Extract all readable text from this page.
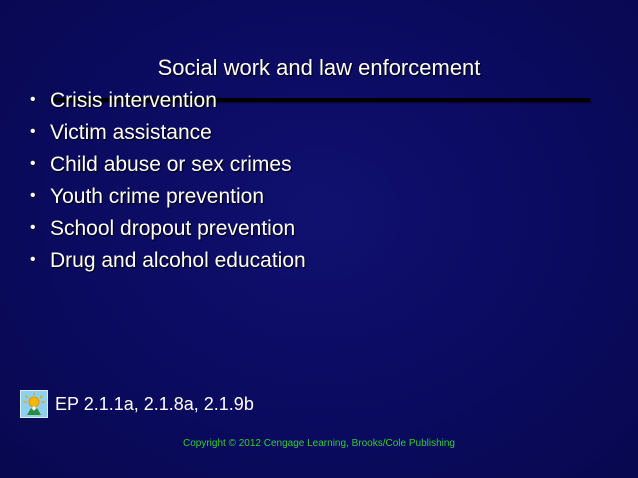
Social work and law enforcement
• Crisis intervention
• Victim assistance
• Child abuse or sex crimes
• Youth crime prevention
• School dropout prevention
• Drug and alcohol education
EP 2.1.1a, 2.1.8a, 2.1.9b
Copyright © 2012 Cengage Learning, Brooks/Cole Publishing
